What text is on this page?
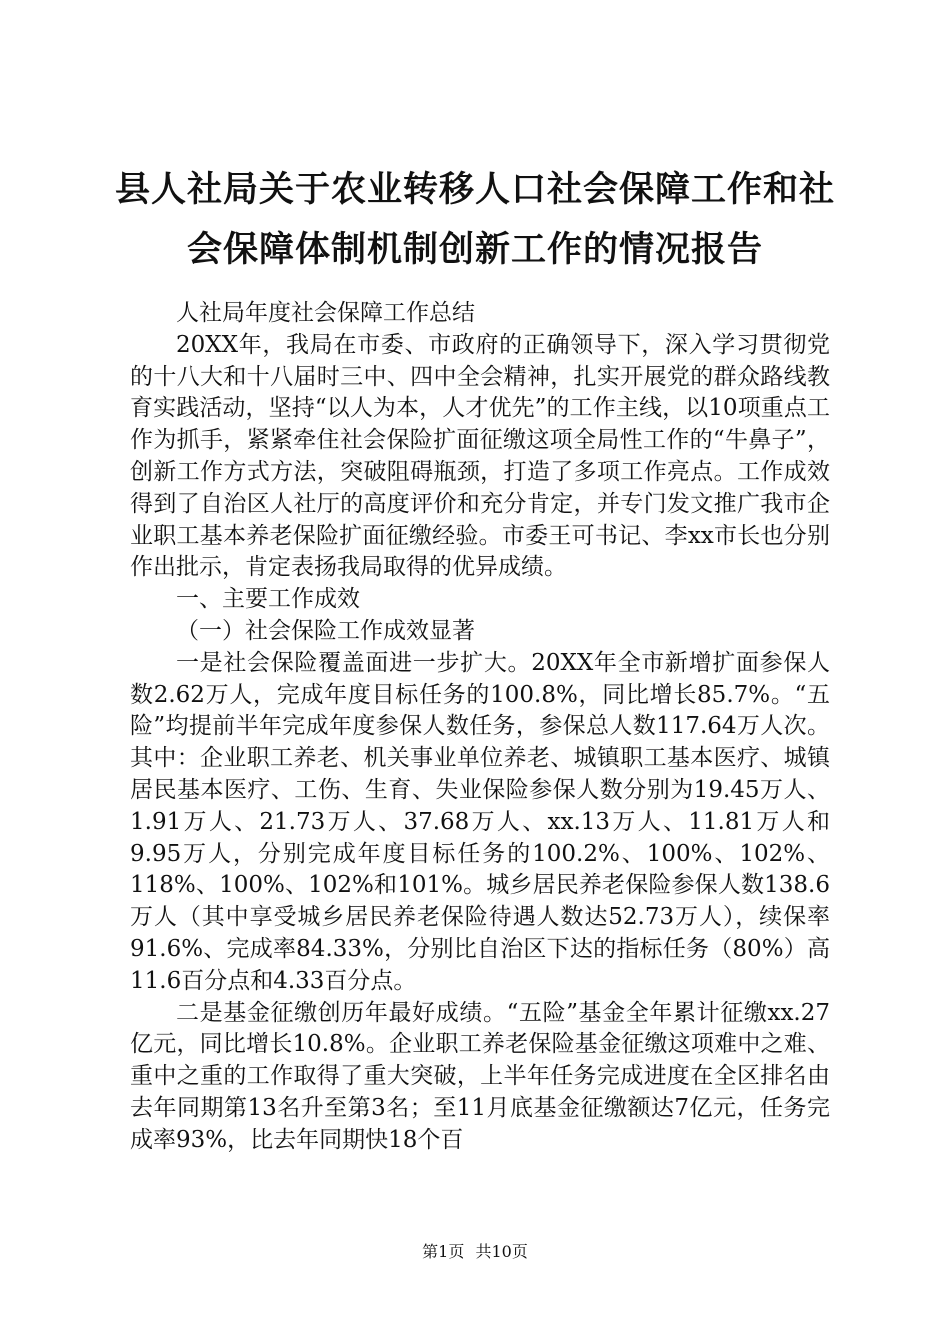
县人社局关于农业转移人口社会保障工作和社
会保障体制机制创新工作的情况报告

人社局年度社会保障工作总结

20XX年，我局在市委、市政府的正确领导下，深入学习贯彻党的十八大和十八届时三中、四中全会精神，扎实开展党的群众路线教育实践活动，坚持“以人为本，人才优先”的工作主线，以10项重点工作为抓手，紧紧牵住社会保险扩面征缴这项全局性工作的“牛鼻子”，创新工作方式方法，突破阻碍瓶颈，打造了多项工作亮点。工作成效得到了自治区人社厅的高度评价和充分肯定，并专门发文推广我市企业职工基本养老保险扩面征缴经验。市委王可书记、李xx市长也分别作出批示，肯定表扬我局取得的优异成绩。

一、主要工作成效

（一）社会保险工作成效显著

一是社会保险覆盖面进一步扩大。20XX年全市新增扩面参保人数2.62万人，完成年度目标任务的100.8%，同比增长85.7%。“五险”均提前半年完成年度参保人数任务，参保总人数117.64万人次。其中：企业职工养老、机关事业单位养老、城镇职工基本医疗、城镇居民基本医疗、工伤、生育、失业保险参保人数分别为19.45万人、1.91万人、21.73万人、37.68万人、xx.13万人、11.81万人和9.95万人，分别完成年度目标任务的100.2%、100%、102%、118%、100%、102%和101%。城乡居民养老保险参保人数138.6万人（其中享受城乡居民养老保险待遇人数达52.73万人），续保率91.6%、完成率84.33%，分别比自治区下达的指标任务（80%）高11.6百分点和4.33百分点。

二是基金征缴创历年最好成绩。“五险”基金全年累计征缴xx.27亿元，同比增长10.8%。企业职工养老保险基金征缴这项难中之难、重中之重的工作取得了重大突破，上半年任务完成进度在全区排名由去年同期第13名升至第3名；至11月底基金征缴额达7亿元，任务完成率93%，比去年同期快18个百

第1页 共10页
